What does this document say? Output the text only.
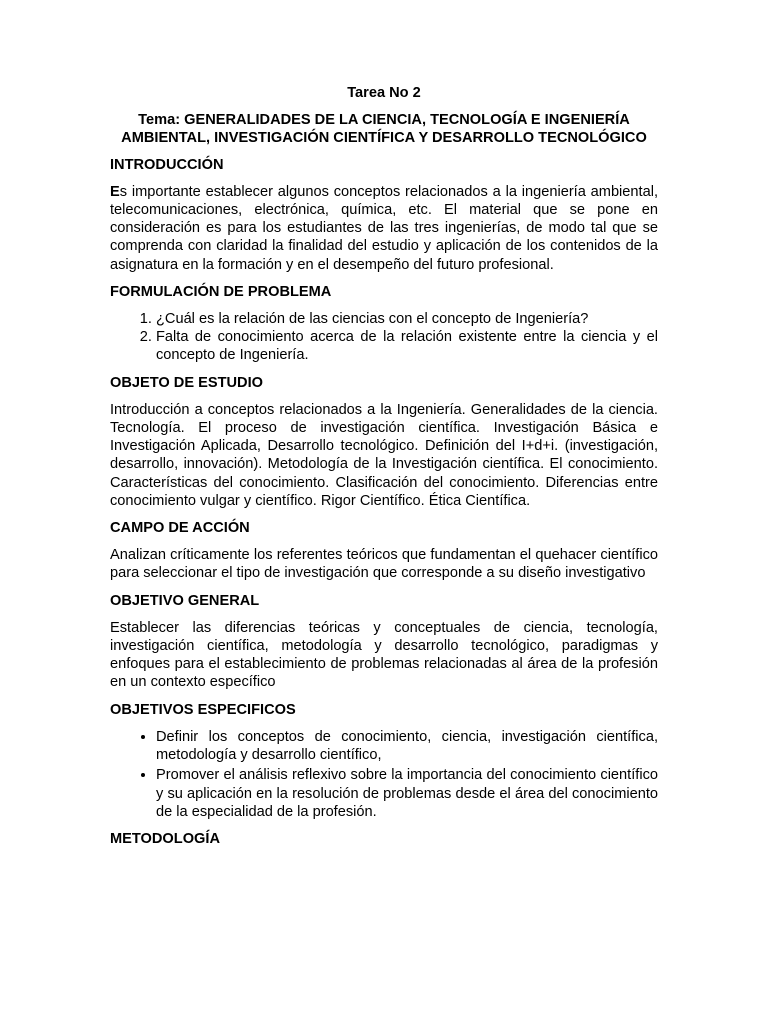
Tarea No 2
Tema: GENERALIDADES DE LA CIENCIA, TECNOLOGÍA E INGENIERÍA AMBIENTAL, INVESTIGACIÓN CIENTÍFICA Y DESARROLLO TECNOLÓGICO
INTRODUCCIÓN

Es importante establecer algunos conceptos relacionados a la ingeniería ambiental, telecomunicaciones, electrónica, química, etc. El material que se pone en consideración es para los estudiantes de las tres ingenierías, de modo tal que se comprenda con claridad la finalidad del estudio y aplicación de los contenidos de la asignatura en la formación y en el desempeño del futuro profesional.

FORMULACIÓN DE PROBLEMA
1. ¿Cuál es la relación de las ciencias con el concepto de Ingeniería?
2. Falta de conocimiento acerca de la relación existente entre la ciencia y el concepto de Ingeniería.
OBJETO DE ESTUDIO

Introducción a conceptos relacionados a la Ingeniería. Generalidades de la ciencia. Tecnología. El proceso de investigación científica. Investigación Básica e Investigación Aplicada, Desarrollo tecnológico. Definición del I+d+i. (investigación, desarrollo, innovación). Metodología de la Investigación científica. El conocimiento. Características del conocimiento. Clasificación del conocimiento. Diferencias entre conocimiento vulgar y científico. Rigor Científico. Ética Científica.

CAMPO DE ACCIÓN

Analizan críticamente los referentes teóricos que fundamentan el quehacer científico para seleccionar el tipo de investigación que corresponde a su diseño investigativo

OBJETIVO GENERAL

Establecer las diferencias teóricas y conceptuales de ciencia, tecnología, investigación científica, metodología y desarrollo tecnológico, paradigmas y enfoques para el establecimiento de problemas relacionadas al área de la profesión en un contexto específico

OBJETIVOS ESPECIFICOS
• Definir los conceptos de conocimiento, ciencia, investigación científica, metodología y desarrollo científico,
• Promover el análisis reflexivo sobre la importancia del conocimiento científico y su aplicación en la resolución de problemas desde el área del conocimiento de la especialidad de la profesión.
METODOLOGÍA
